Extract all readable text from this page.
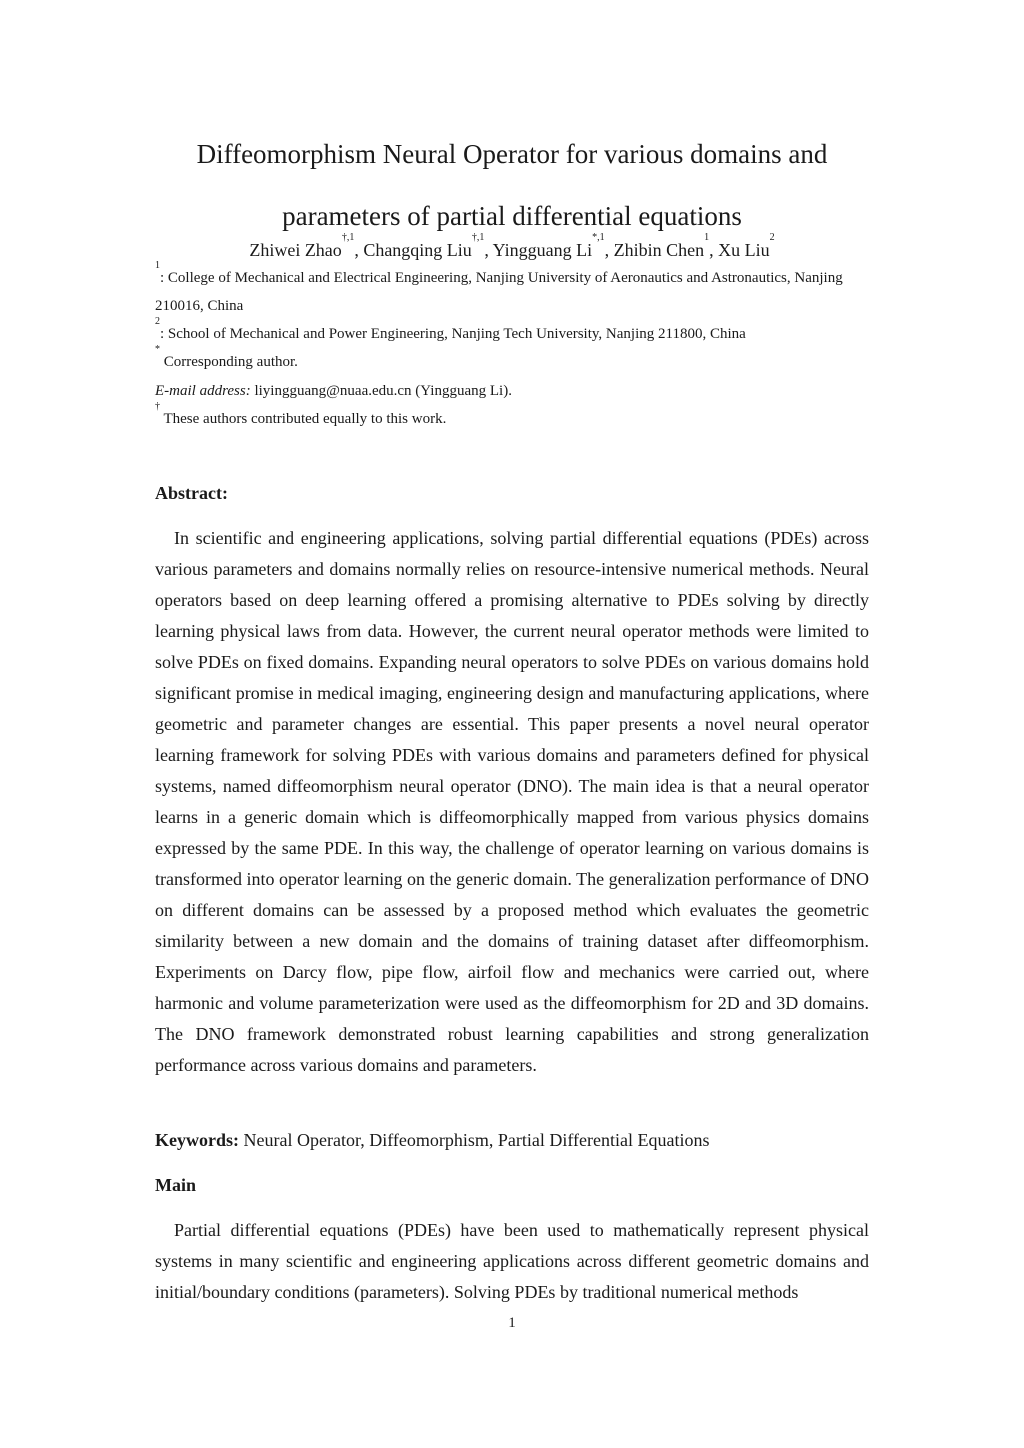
Diffeomorphism Neural Operator for various domains and
parameters of partial differential equations
Zhiwei Zhao$^{\dagger,1}$, Changqing Liu$^{\dagger,1}$, Yingguang $Li^{*,1}$, Zhibin Chen$^1$, Xu Liu$^2$
$^1$: College of Mechanical and Electrical Engineering, Nanjing University of Aeronautics and Astronautics, Nanjing 210016, China
$^2$: School of Mechanical and Power Engineering, Nanjing Tech University, Nanjing 211800, China
* Corresponding author.
E-mail address: liyingguang@nuaa.edu.cn (Yingguang Li).
† These authors contributed equally to this work.
Abstract:
In scientific and engineering applications, solving partial differential equations (PDEs) across various parameters and domains normally relies on resource-intensive numerical methods. Neural operators based on deep learning offered a promising alternative to PDEs solving by directly learning physical laws from data. However, the current neural operator methods were limited to solve PDEs on fixed domains. Expanding neural operators to solve PDEs on various domains hold significant promise in medical imaging, engineering design and manufacturing applications, where geometric and parameter changes are essential. This paper presents a novel neural operator learning framework for solving PDEs with various domains and parameters defined for physical systems, named diffeomorphism neural operator (DNO). The main idea is that a neural operator learns in a generic domain which is diffeomorphically mapped from various physics domains expressed by the same PDE. In this way, the challenge of operator learning on various domains is transformed into operator learning on the generic domain. The generalization performance of DNO on different domains can be assessed by a proposed method which evaluates the geometric similarity between a new domain and the domains of training dataset after diffeomorphism. Experiments on Darcy flow, pipe flow, airfoil flow and mechanics were carried out, where harmonic and volume parameterization were used as the diffeomorphism for 2D and 3D domains. The DNO framework demonstrated robust learning capabilities and strong generalization performance across various domains and parameters.
Keywords: Neural Operator, Diffeomorphism, Partial Differential Equations
Main
Partial differential equations (PDEs) have been used to mathematically represent physical systems in many scientific and engineering applications across different geometric domains and initial/boundary conditions (parameters). Solving PDEs by traditional numerical methods
1
